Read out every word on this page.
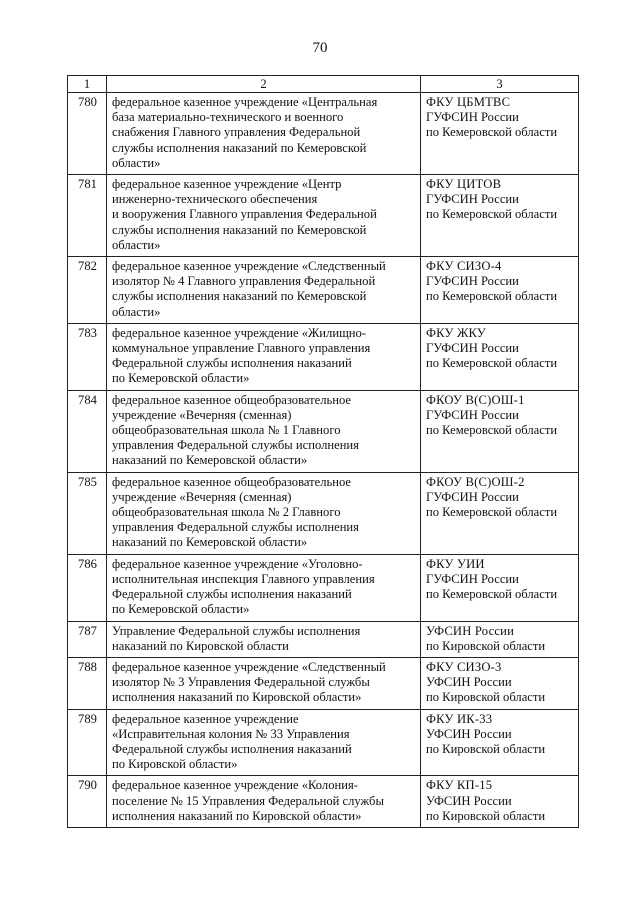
70
1	2	3
780	федеральное казенное учреждение «Центральная
база материально-технического и военного
снабжения Главного управления Федеральной
службы исполнения наказаний по Кемеровской
области»	ФКУ ЦБМТВС
ГУФСИН России
по Кемеровской области

781	федеральное казенное учреждение «Центр
инженерно-технического обеспечения
и вооружения Главного управления Федеральной
службы исполнения наказаний по Кемеровской
области»	ФКУ ЦИТОВ
ГУФСИН России
по Кемеровской области

782	федеральное казенное учреждение «Следственный
изолятор № 4 Главного управления Федеральной
службы исполнения наказаний по Кемеровской
области»	ФКУ СИЗО-4
ГУФСИН России
по Кемеровской области

783	федеральное казенное учреждение «Жилищно-
коммунальное управление Главного управления
Федеральной службы исполнения наказаний
по Кемеровской области»	ФКУ ЖКУ
ГУФСИН России
по Кемеровской области

784	федеральное казенное общеобразовательное
учреждение «Вечерняя (сменная)
общеобразовательная школа № 1 Главного
управления Федеральной службы исполнения
наказаний по Кемеровской области»	ФКОУ В(С)ОШ-1
ГУФСИН России
по Кемеровской области

785	федеральное казенное общеобразовательное
учреждение «Вечерняя (сменная)
общеобразовательная школа № 2 Главного
управления Федеральной службы исполнения
наказаний по Кемеровской области»	ФКОУ В(С)ОШ-2
ГУФСИН России
по Кемеровской области

786	федеральное казенное учреждение «Уголовно-
исполнительная инспекция Главного управления
Федеральной службы исполнения наказаний
по Кемеровской области»	ФКУ УИИ
ГУФСИН России
по Кемеровской области

787	Управление Федеральной службы исполнения
наказаний по Кировской области	УФСИН России
по Кировской области

788	федеральное казенное учреждение «Следственный
изолятор № 3 Управления Федеральной службы
исполнения наказаний по Кировской области»	ФКУ СИЗО-3
УФСИН России
по Кировской области

789	федеральное казенное учреждение
«Исправительная колония № 33 Управления
Федеральной службы исполнения наказаний
по Кировской области»	ФКУ ИК-33
УФСИН России
по Кировской области

790	федеральное казенное учреждение «Колония-
поселение № 15 Управления Федеральной службы
исполнения наказаний по Кировской области»	ФКУ КП-15
УФСИН России
по Кировской области
